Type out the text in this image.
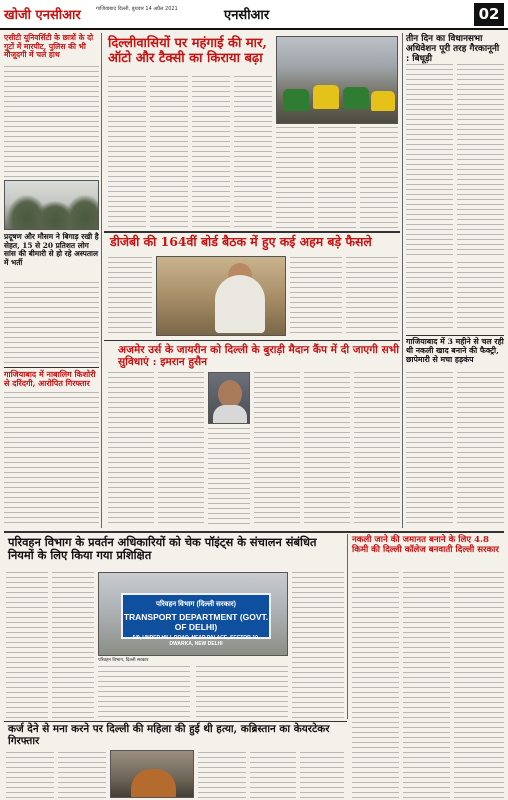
खोजी एनसीआर	गाजियाबाद दिल्ली, बुधवार 14 अप्रैल 2021	एनसीआर	02
एसीटी यूनिवर्सिटी के छात्रों के दो गुटों में मारपीट, पुलिस की भी मौजूदगी में चले हाथ
प्रदूषण और मौसम ने बिगाड़ रखी है सेहत, 15 से 20 प्रतिशत लोग सांस की बीमारी से हो रहे अस्पताल में भर्ती
गाजियाबाद में नाबालिग किशोरी से दरिंदगी, आरोपित गिरफ्तार
दिल्लीवासियों पर महंगाई की मार, ऑटो और टैक्सी का किराया बढ़ा
तीन दिन का विधानसभा अधिवेशन पूरी तरह गैरकानूनी : बिधूड़ी
डीजेबी की 164वीं बोर्ड बैठक में हुए कई अहम बड़े फैसले
अजमेर उर्स के जायरीन को दिल्ली के बुराड़ी मैदान कैंप में दी जाएगी सभी सुविधाएं : इमरान हुसैन
गाजियाबाद में 3 महीने से चल रही थी नकली खाद बनाने की फैक्ट्री, छापेमारी से मचा हड़कंप
परिवहन विभाग के प्रवर्तन अधिकारियों को चेक पॉइंट्स के संचालन संबंधित नियमों के लिए किया गया प्रशिक्षित
परिवहन विभाग (दिल्ली सरकार)
TRANSPORT DEPARTMENT (GOVT. OF DELHI)
5/9, UNDER HILL ROAD, NEAR PALACE, SECTOR-10, DWARKA, NEW DELHI
परिवहन विभाग, दिल्ली सरकार
नकली जाने की जमानत बनाने के लिए 4.8 किमी की दिल्ली कॉलेज बनवाती दिल्ली सरकार
कर्ज देने से मना करने पर दिल्ली की महिला की हुई थी हत्या, कब्रिस्तान का केयरटेकर गिरफ्तार
